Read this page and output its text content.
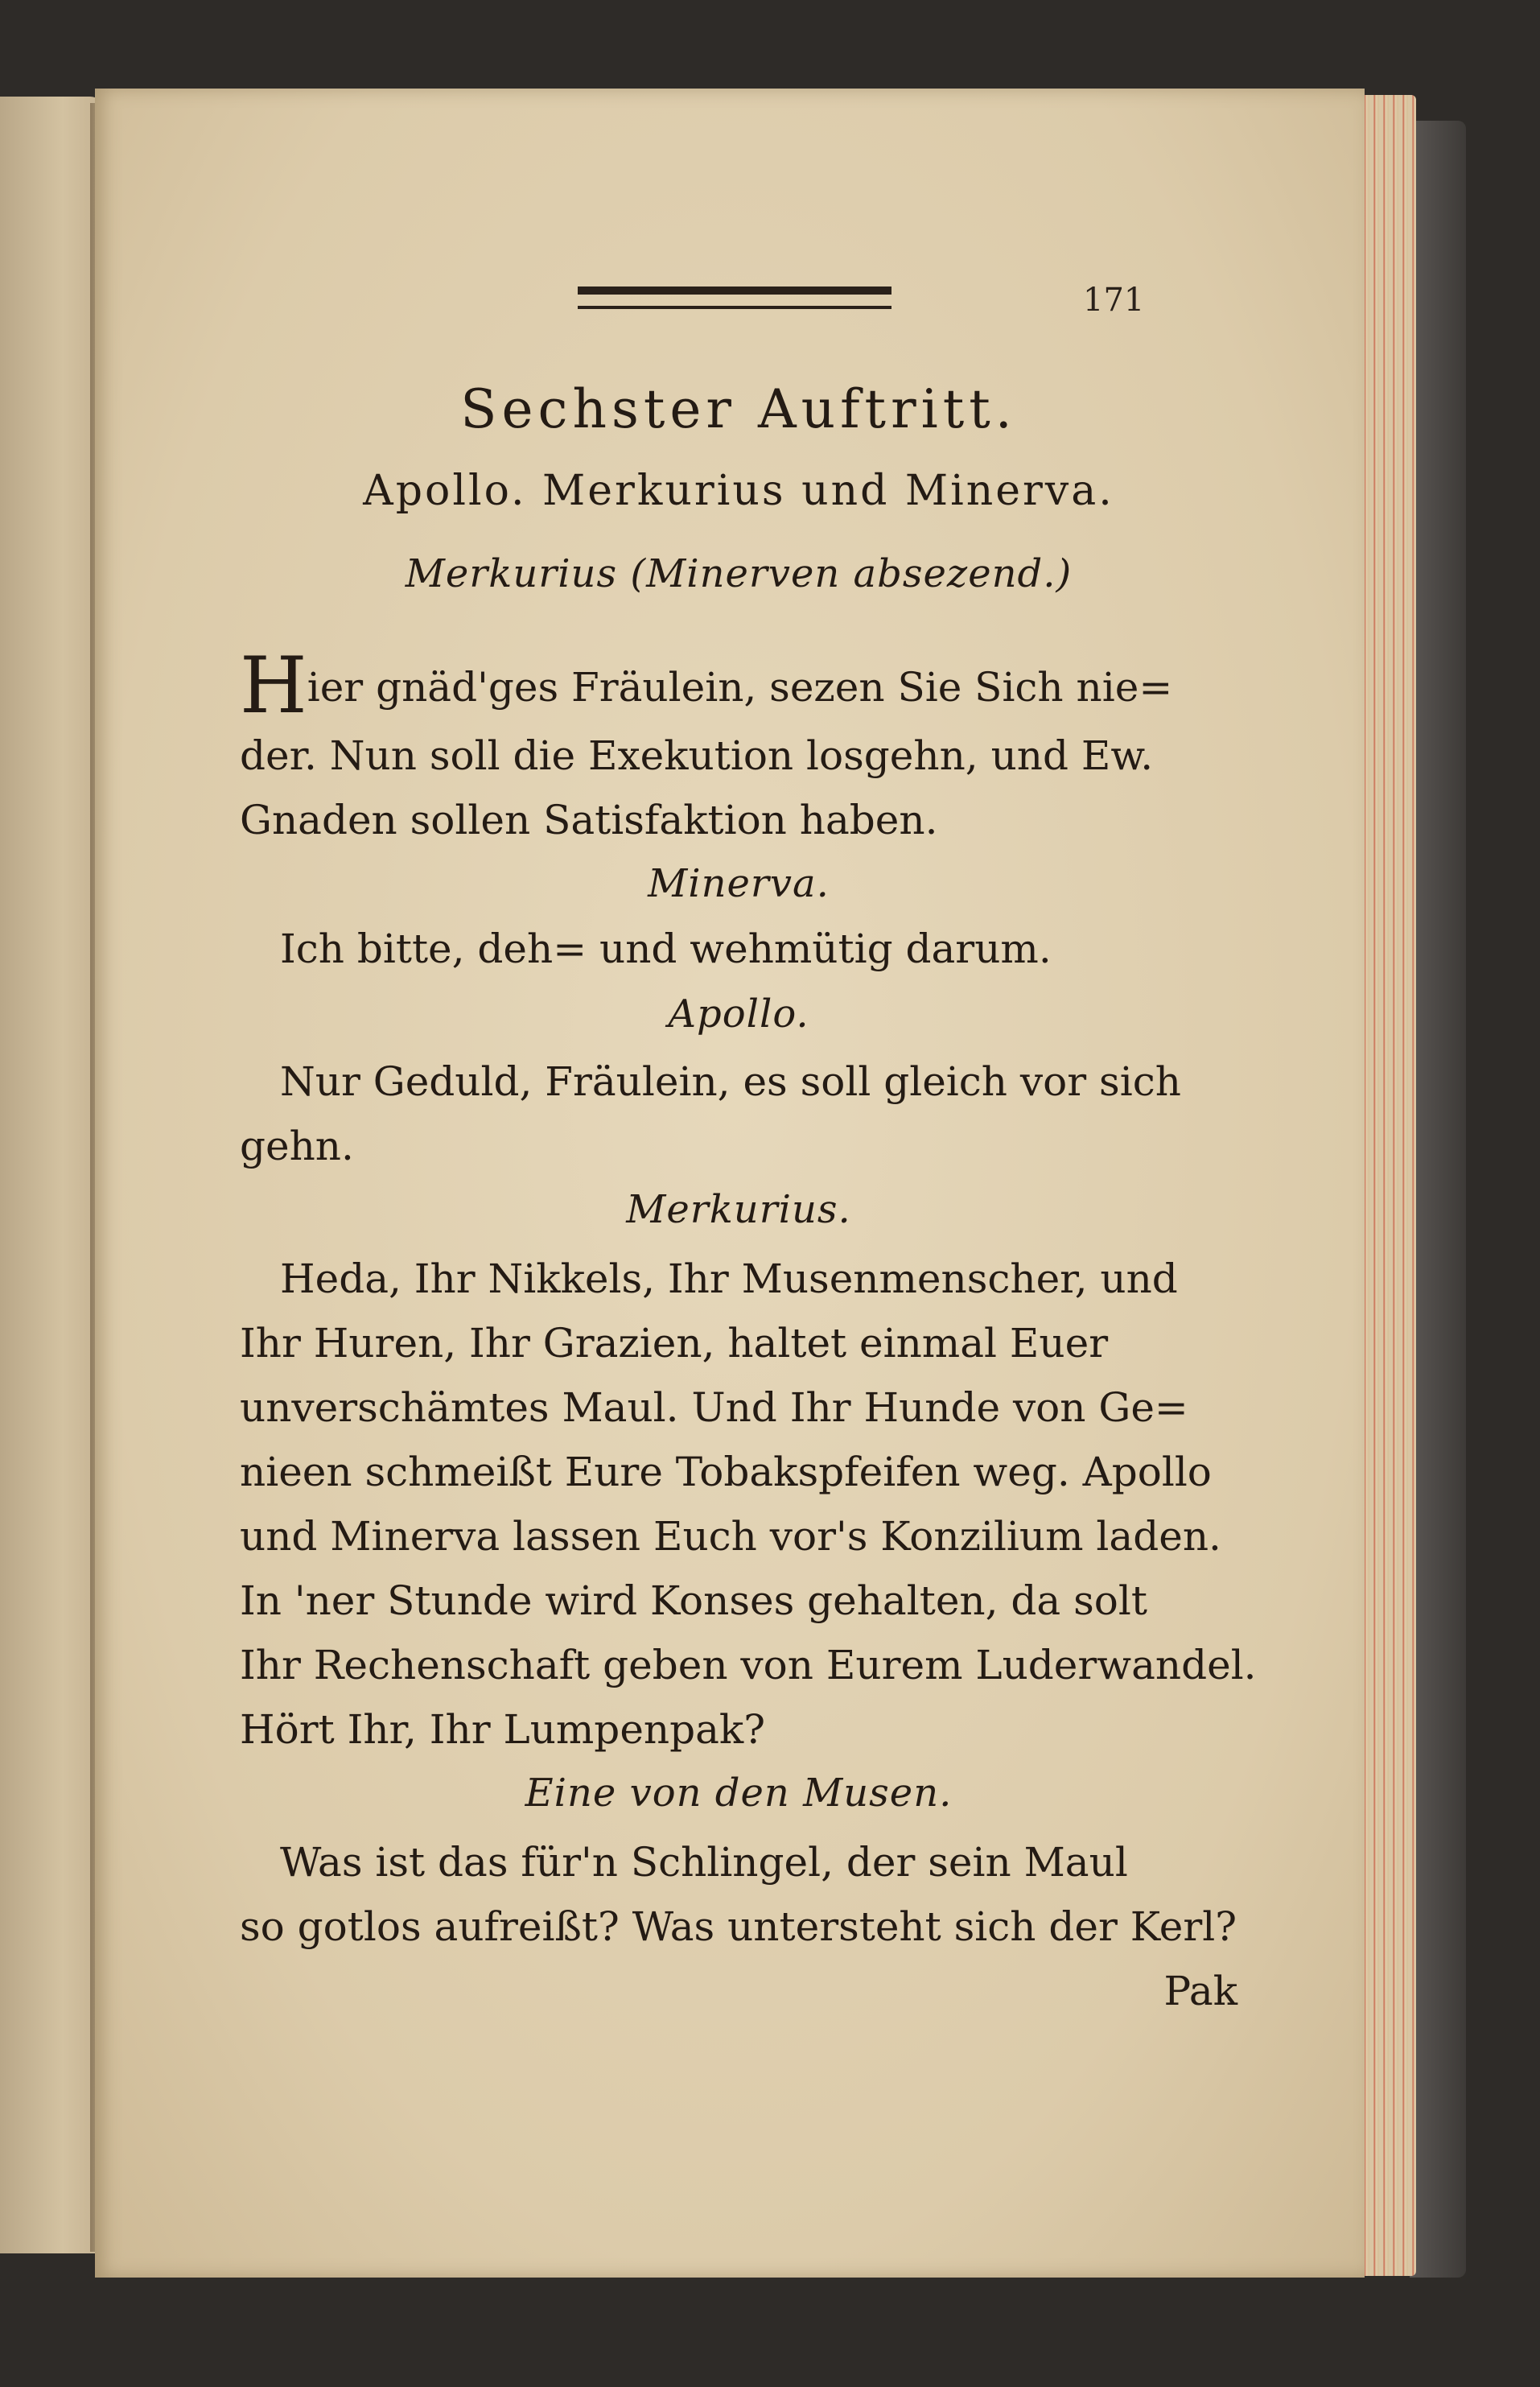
171
Sechster Auftritt.
Apollo. Merkurius und Minerva.
Merkurius (Minerven absezend.)
Hier gnäd'ges Fräulein, sezen Sie Sich nie=
der. Nun soll die Exekution losgehn, und Ew.
Gnaden sollen Satisfaktion haben.
Minerva.
Ich bitte, deh= und wehmütig darum.
Apollo.
Nur Geduld, Fräulein, es soll gleich vor sich
gehn.
Merkurius.
Heda, Ihr Nikkels, Ihr Musenmenscher, und
Ihr Huren, Ihr Grazien, haltet einmal Euer
unverschämtes Maul. Und Ihr Hunde von Ge=
nieen schmeißt Eure Tobakspfeifen weg. Apollo
und Minerva lassen Euch vor's Konzilium laden.
In 'ner Stunde wird Konses gehalten, da solt
Ihr Rechenschaft geben von Eurem Luderwandel.
Hört Ihr, Ihr Lumpenpak?
Eine von den Musen.
Was ist das für'n Schlingel, der sein Maul
so gotlos aufreißt? Was untersteht sich der Kerl?
Pak
